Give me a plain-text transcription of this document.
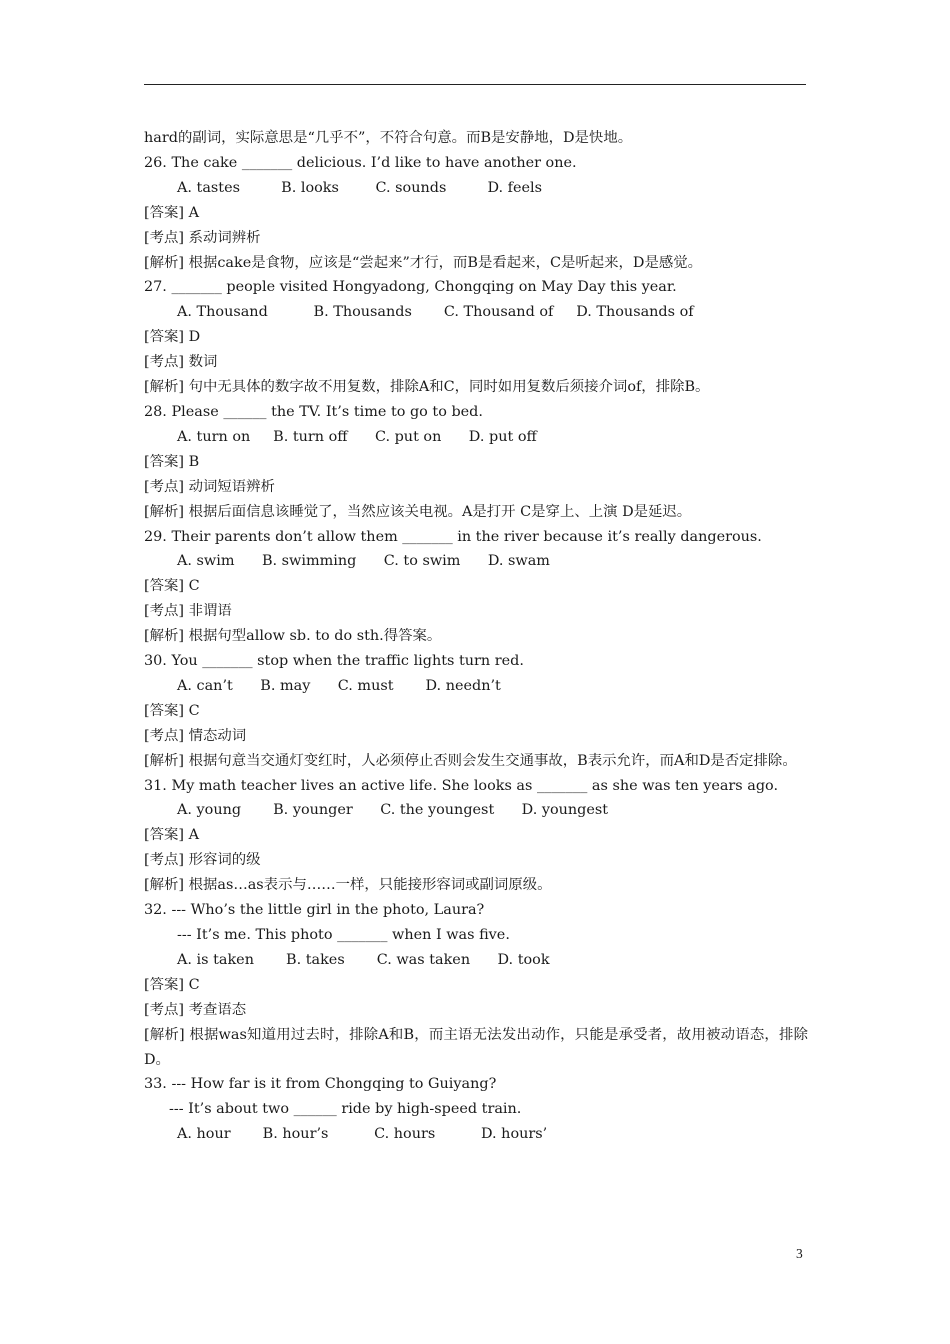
hard的副词，实际意思是“几乎不”，不符合句意。而B是安静地，D是快地。
26. The cake _______ delicious. I’d like to have another one.
A. tastes         B. looks        C. sounds         D. feels
[答案] A
[考点] 系动词辨析
[解析] 根据cake是食物，应该是“尝起来”才行，而B是看起来，C是听起来，D是感觉。
27. _______ people visited Hongyadong, Chongqing on May Day this year.
A. Thousand          B. Thousands       C. Thousand of     D. Thousands of
[答案] D
[考点] 数词
[解析] 句中无具体的数字故不用复数，排除A和C，同时如用复数后须接介词of，排除B。
28. Please ______ the TV. It’s time to go to bed.
A. turn on     B. turn off      C. put on      D. put off
[答案] B
[考点] 动词短语辨析
[解析] 根据后面信息该睡觉了，当然应该关电视。A是打开 C是穿上、上演 D是延迟。
29. Their parents don’t allow them _______ in the river because it’s really dangerous.
A. swim      B. swimming      C. to swim      D. swam
[答案] C
[考点] 非谓语
[解析] 根据句型allow sb. to do sth.得答案。
30. You _______ stop when the traffic lights turn red.
A. can’t      B. may      C. must       D. needn’t
[答案] C
[考点] 情态动词
[解析] 根据句意当交通灯变红时，人必须停止否则会发生交通事故，B表示允许，而A和D是否定排除。
31. My math teacher lives an active life. She looks as _______ as she was ten years ago.
A. young       B. younger      C. the youngest      D. youngest
[答案] A
[考点] 形容词的级
[解析] 根据as…as表示与……一样，只能接形容词或副词原级。
32. --- Who’s the little girl in the photo, Laura?
--- It’s me. This photo _______ when I was five.
A. is taken       B. takes       C. was taken      D. took
[答案] C
[考点] 考查语态
[解析] 根据was知道用过去时，排除A和B，而主语无法发出动作，只能是承受者，故用被动语态，排除D。
33. --- How far is it from Chongqing to Guiyang?
--- It’s about two ______ ride by high-speed train.
A. hour       B. hour’s          C. hours          D. hours’
3
